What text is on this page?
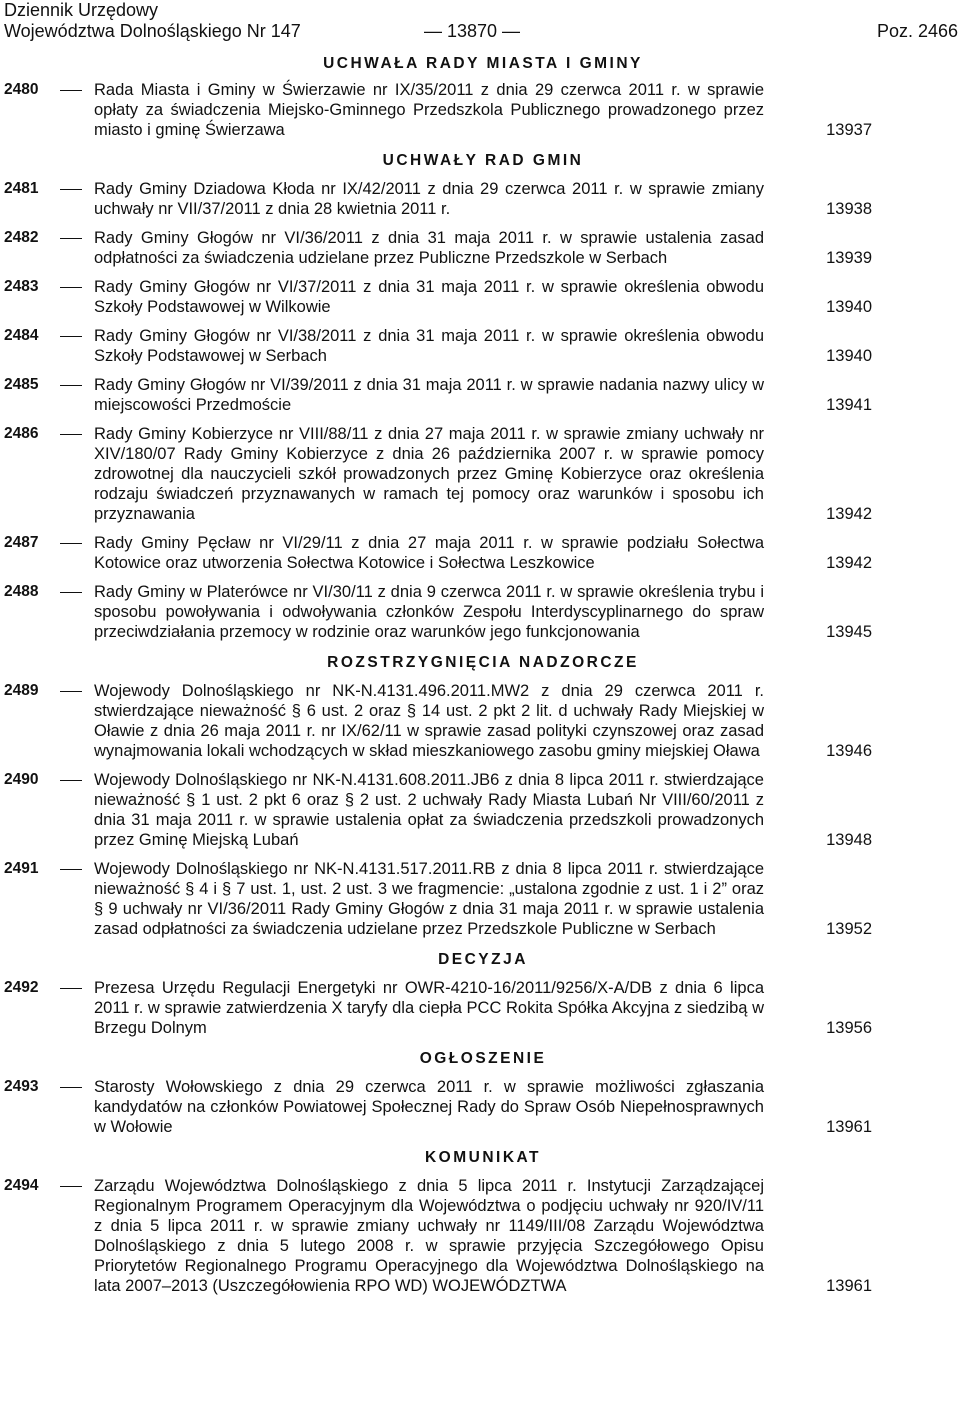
Dziennik Urzędowy
Województwa Dolnośląskiego Nr 147	Poz. 2466
— 13870 —
UCHWAŁA RADY MIASTA I GMINY
2480	Rada Miasta i Gminy w Świerzawie nr IX/35/2011 z dnia 29 czerwca 2011 r. w sprawie opłaty za świadczenia Miejsko-Gminnego Przedszkola Publicznego prowadzonego przez miasto i gminę Świerzawa	13937
UCHWAŁY RAD GMIN
2481	Rady Gminy Dziadowa Kłoda nr IX/42/2011 z dnia 29 czerwca 2011 r. w sprawie zmiany uchwały nr VII/37/2011 z dnia 28 kwietnia 2011 r.	13938
2482	Rady Gminy Głogów nr VI/36/2011 z dnia 31 maja 2011 r. w sprawie ustalenia zasad odpłatności za świadczenia udzielane przez Publiczne Przedszkole w Serbach	13939
2483	Rady Gminy Głogów nr VI/37/2011 z dnia 31 maja 2011 r. w sprawie określenia obwodu Szkoły Podstawowej w Wilkowie	13940
2484	Rady Gminy Głogów nr VI/38/2011 z dnia 31 maja 2011 r. w sprawie określenia obwodu Szkoły Podstawowej w Serbach	13940
2485	Rady Gminy Głogów nr VI/39/2011 z dnia 31 maja 2011 r. w sprawie nadania nazwy ulicy w miejscowości Przedmoście	13941
2486	Rady Gminy Kobierzyce nr VIII/88/11 z dnia 27 maja 2011 r. w sprawie zmiany uchwały nr XIV/180/07 Rady Gminy Kobierzyce z dnia 26 października 2007 r. w sprawie pomocy zdrowotnej dla nauczycieli szkół prowadzonych przez Gminę Kobierzyce oraz określenia rodzaju świadczeń przyznawanych w ramach tej pomocy oraz warunków i sposobu ich przyznawania	13942
2487	Rady Gminy Pęcław nr VI/29/11 z dnia 27 maja 2011 r. w sprawie podziału Sołectwa Kotowice oraz utworzenia Sołectwa Kotowice i Sołectwa Leszkowice	13942
2488	Rady Gminy w Platerówce nr VI/30/11 z dnia 9 czerwca 2011 r. w sprawie określenia trybu i sposobu powoływania i odwoływania członków Zespołu Interdyscyplinarnego do spraw przeciwdziałania przemocy w rodzinie oraz warunków jego funkcjonowania	13945
ROZSTRZYGNIĘCIA NADZORCZE
2489	Wojewody Dolnośląskiego nr NK-N.4131.496.2011.MW2 z dnia 29 czerwca 2011 r. stwierdzające nieważność § 6 ust. 2 oraz § 14 ust. 2 pkt 2 lit. d uchwały Rady Miejskiej w Oławie z dnia 26 maja 2011 r. nr IX/62/11 w sprawie zasad polityki czynszowej oraz zasad wynajmowania lokali wchodzących w skład mieszkaniowego zasobu gminy miejskiej Oława	13946
2490	Wojewody Dolnośląskiego nr NK-N.4131.608.2011.JB6 z dnia 8 lipca 2011 r. stwierdzające nieważność § 1 ust. 2 pkt 6 oraz § 2 ust. 2 uchwały Rady Miasta Lubań Nr VIII/60/2011 z dnia 31 maja 2011 r. w sprawie ustalenia opłat za świadczenia przedszkoli prowadzonych przez Gminę Miejską Lubań	13948
2491	Wojewody Dolnośląskiego nr NK-N.4131.517.2011.RB z dnia 8 lipca 2011 r. stwierdzające nieważność § 4 i § 7 ust. 1, ust. 2 ust. 3 we fragmencie: „ustalona zgodnie z ust. 1 i 2” oraz § 9 uchwały nr VI/36/2011 Rady Gminy Głogów z dnia 31 maja 2011 r. w sprawie ustalenia zasad odpłatności za świadczenia udzielane przez Przedszkole Publiczne w Serbach	13952
DECYZJA
2492	Prezesa Urzędu Regulacji Energetyki nr OWR-4210-16/2011/9256/X-A/DB z dnia 6 lipca 2011 r. w sprawie zatwierdzenia X taryfy dla ciepła PCC Rokita Spółka Akcyjna z siedzibą w Brzegu Dolnym	13956
OGŁOSZENIE
2493	Starosty Wołowskiego z dnia 29 czerwca 2011 r. w sprawie możliwości zgłaszania kandydatów na członków Powiatowej Społecznej Rady do Spraw Osób Niepełnosprawnych w Wołowie	13961
KOMUNIKAT
2494	Zarządu Województwa Dolnośląskiego z dnia 5 lipca 2011 r. Instytucji Zarządzającej Regionalnym Programem Operacyjnym dla Województwa o podjęciu uchwały nr 920/IV/11 z dnia 5 lipca 2011 r. w sprawie zmiany uchwały nr 1149/III/08 Zarządu Województwa Dolnośląskiego z dnia 5 lutego 2008 r. w sprawie przyjęcia Szczegółowego Opisu Priorytetów Regionalnego Programu Operacyjnego dla Województwa Dolnośląskiego na lata 2007–2013 (Uszczegółowienia RPO WD) WOJEWÓDZTWA	13961
